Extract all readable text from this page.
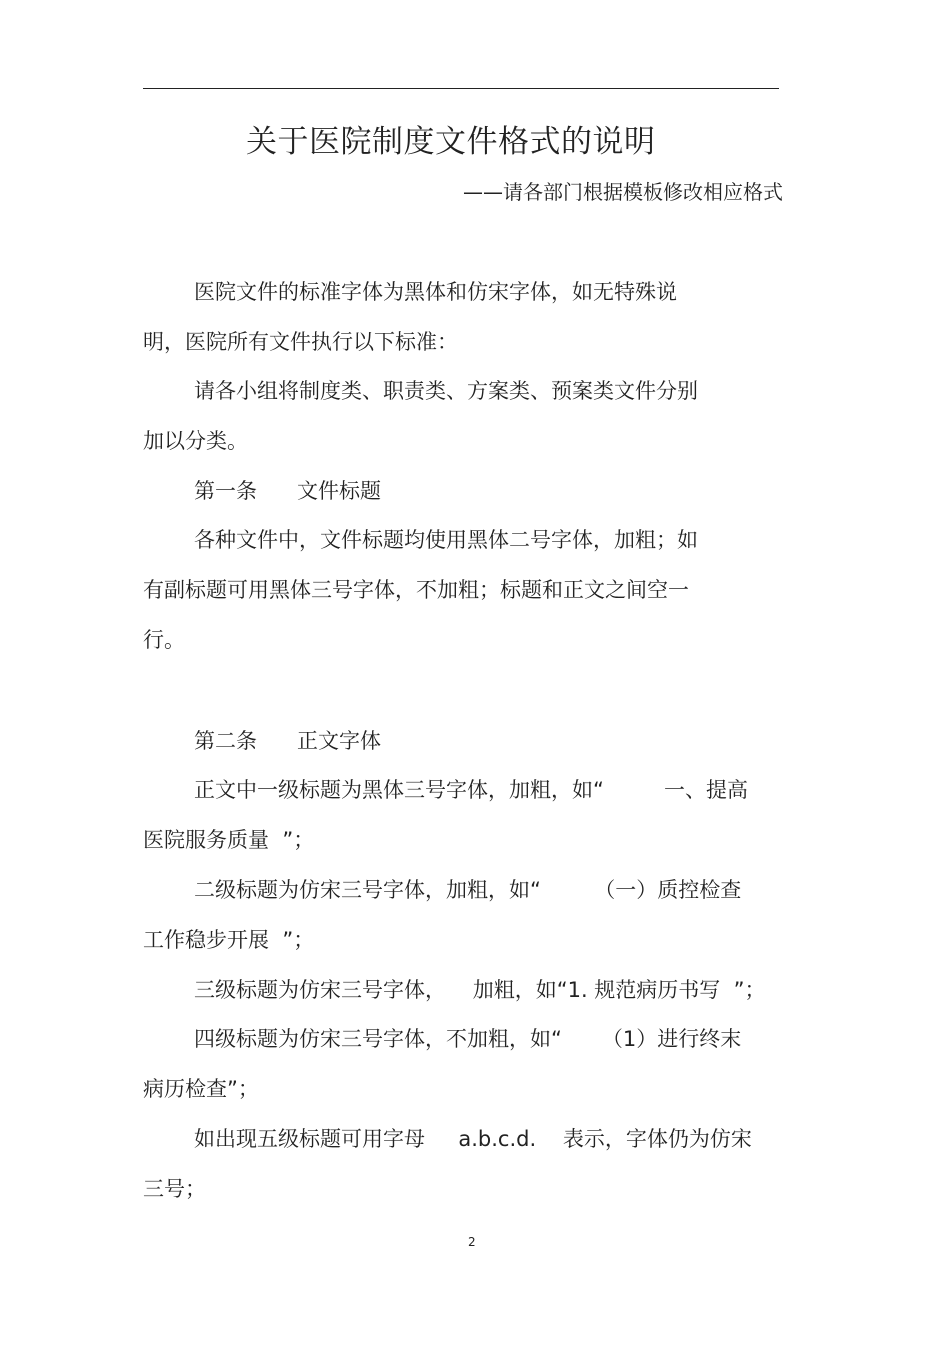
关于医院制度文件格式的说明
——请各部门根据模板修改相应格式
医院文件的标准字体为黑体和仿宋字体，如无特殊说
明，医院所有文件执行以下标准：
请各小组将制度类、职责类、方案类、预案类文件分别
加以分类。
第一条      文件标题
各种文件中，文件标题均使用黑体二号字体，加粗；如
有副标题可用黑体三号字体，不加粗；标题和正文之间空一
行。
第二条      正文字体
正文中一级标题为黑体三号字体，加粗，如“         一、提高
医院服务质量  ”；
二级标题为仿宋三号字体，加粗，如“        （一）质控检查
工作稳步开展  ”；
三级标题为仿宋三号字体，    加粗，如“1. 规范病历书写  ”；
四级标题为仿宋三号字体，不加粗，如“      （1）进行终末
病历检查”；
如出现五级标题可用字母     a.b.c.d.    表示，字体仍为仿宋
三号；
2
